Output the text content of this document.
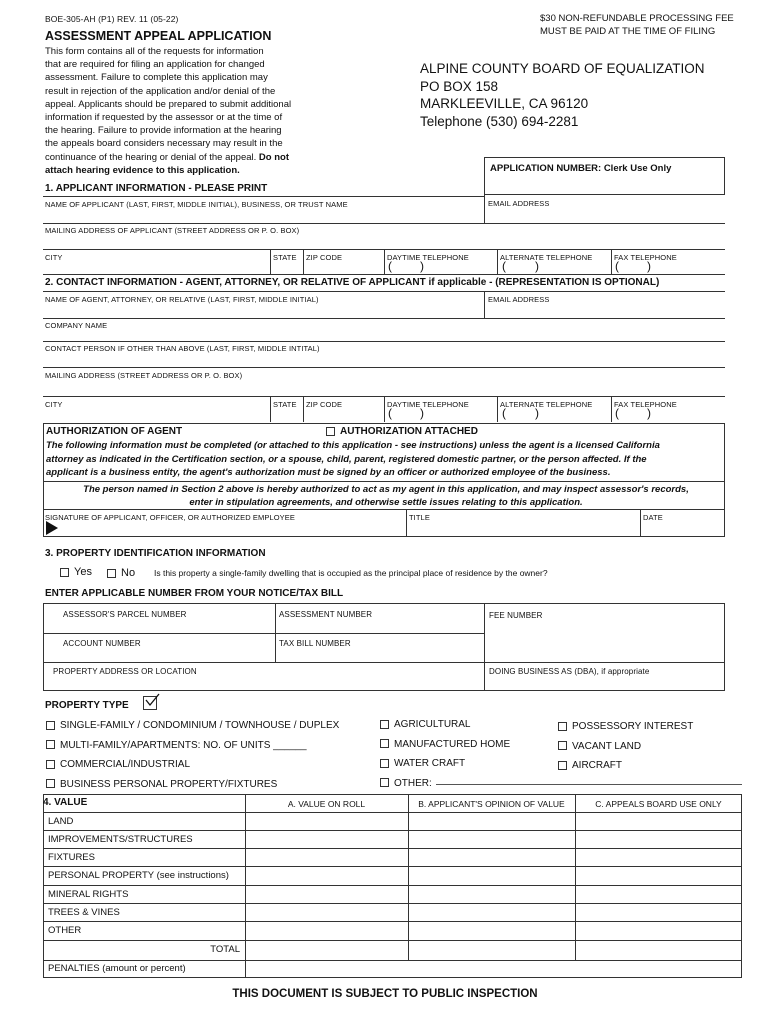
BOE-305-AH (P1) REV. 11 (05-22)	$30 NON-REFUNDABLE PROCESSING FEE
MUST BE PAID AT THE TIME OF FILING
ASSESSMENT APPEAL APPLICATION
This form contains all of the requests for information
that are required for filing an application for changed
assessment. Failure to complete this application may
result in rejection of the application and/or denial of the
appeal. Applicants should be prepared to submit additional
information if requested by the assessor or at the time of
the hearing. Failure to provide information at the hearing
the appeals board considers necessary may result in the
continuance of the hearing or denial of the appeal. Do not
attach hearing evidence to this application.
ALPINE COUNTY BOARD OF EQUALIZATION
PO BOX 158
MARKLEEVILLE, CA 96120
Telephone (530) 694-2281
APPLICATION NUMBER: Clerk Use Only
1. APPLICANT INFORMATION - PLEASE PRINT
NAME OF APPLICANT (LAST, FIRST, MIDDLE INITIAL), BUSINESS, OR TRUST NAME	EMAIL ADDRESS
MAILING ADDRESS OF APPLICANT (STREET ADDRESS OR P. O. BOX)
CITY	STATE ZIP CODE	DAYTIME TELEPHONE	ALTERNATE TELEPHONE	FAX TELEPHONE
( )	( )	( )
2. CONTACT INFORMATION - AGENT, ATTORNEY, OR RELATIVE OF APPLICANT if applicable - (REPRESENTATION IS OPTIONAL)
NAME OF AGENT, ATTORNEY, OR RELATIVE (LAST, FIRST, MIDDLE INITIAL)	EMAIL ADDRESS
COMPANY NAME
CONTACT PERSON IF OTHER THAN ABOVE (LAST, FIRST, MIDDLE INTITAL)
MAILING ADDRESS (STREET ADDRESS OR P. O. BOX)
CITY	STATE ZIP CODE	DAYTIME TELEPHONE	ALTERNATE TELEPHONE	FAX TELEPHONE
( )	( )	( )
AUTHORIZATION OF AGENT	AUTHORIZATION ATTACHED
The following information must be completed (or attached to this application - see instructions) unless the agent is a licensed California
attorney as indicated in the Certification section, or a spouse, child, parent, registered domestic partner, or the person affected. If the
applicant is a business entity, the agent's authorization must be signed by an officer or authorized employee of the business.
The person named in Section 2 above is hereby authorized to act as my agent in this application, and may inspect assessor's records,
enter in stipulation agreements, and otherwise settle issues relating to this application.
SIGNATURE OF APPLICANT, OFFICER, OR AUTHORIZED EMPLOYEE	TITLE	DATE
3. PROPERTY IDENTIFICATION INFORMATION
Yes	No Is this property a single-family dwelling that is occupied as the principal place of residence by the owner?
ENTER APPLICABLE NUMBER FROM YOUR NOTICE/TAX BILL
ASSESSOR'S PARCEL NUMBER	ASSESSMENT NUMBER	FEE NUMBER
ACCOUNT NUMBER	TAX BILL NUMBER
PROPERTY ADDRESS OR LOCATION	DOING BUSINESS AS (DBA), if appropriate
PROPERTY TYPE
SINGLE-FAMILY / CONDOMINIUM / TOWNHOUSE / DUPLEX
MULTI-FAMILY/APARTMENTS: NO. OF UNITS ______
COMMERCIAL/INDUSTRIAL
BUSINESS PERSONAL PROPERTY/FIXTURES
AGRICULTURAL
MANUFACTURED HOME
WATER CRAFT
OTHER:
POSSESSORY INTEREST
VACANT LAND
AIRCRAFT
4. VALUE	A. VALUE ON ROLL	B. APPLICANT'S OPINION OF VALUE	C. APPEALS BOARD USE ONLY
LAND
IMPROVEMENTS/STRUCTURES
FIXTURES
PERSONAL PROPERTY (see instructions)
MINERAL RIGHTS
TREES & VINES
OTHER
TOTAL
PENALTIES (amount or percent)
THIS DOCUMENT IS SUBJECT TO PUBLIC INSPECTION
